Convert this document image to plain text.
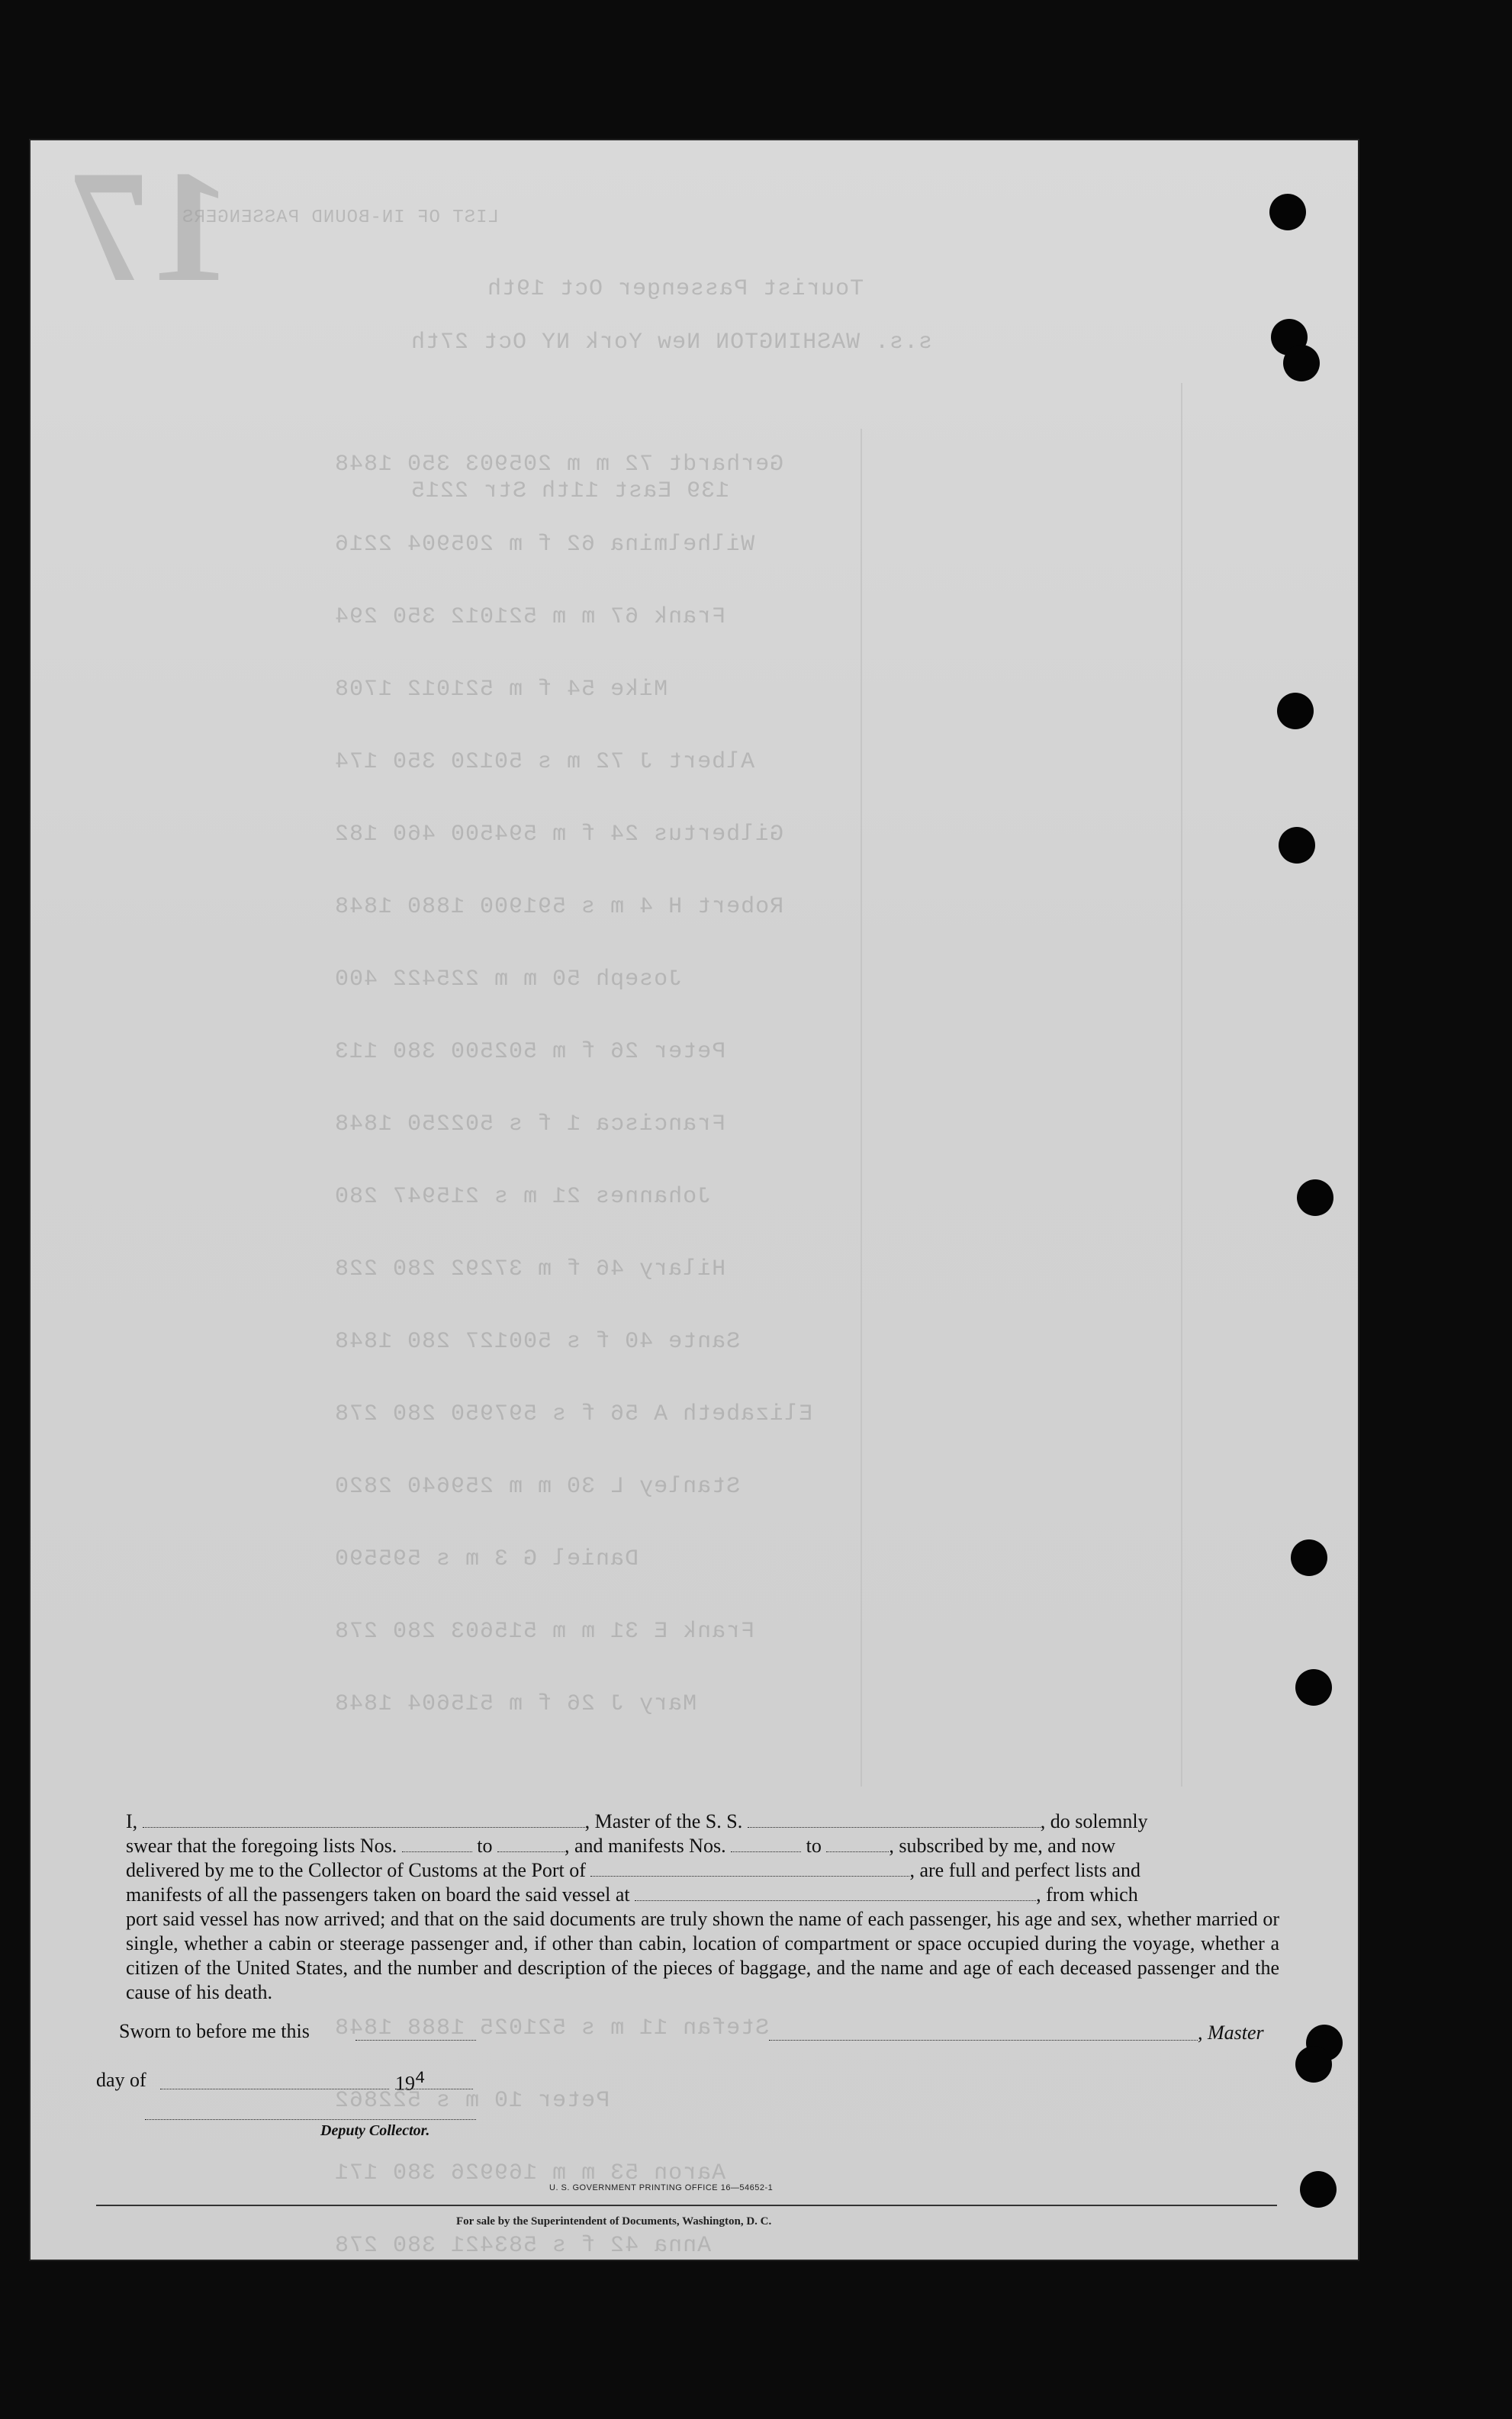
17
LIST OF IN-BOUND PASSENGERS
Tourist Passenger Oct 19th
s.s. WASHINGTON New York NY Oct 27th
Gerhardt 72 m m 205903 350 1848
139 East 11th Str 2215
Wilhelmina 62 f m 205904 2216
Frank 67 m m 521012 350 294
Mike 54 f m 521012 1708
Albert J 72 m s 50120 350 174
Gilbertus 24 f m 594500 460 182
Robert H 4 m s 591900 1880 1848
Joseph 50 m m 225422 400
Peter 26 f m 502500 380 113
Francisca 1 f s 502250 1848
Johannes 21 m s 215947 280
Hilary 46 f m 37292 280 228
Sante 40 f s 500127 280 1848
Elizabeth A 56 f s 597950 280 278
Stanley L 30 m m 259640 2820
Daniel G 3 m s 595590
Frank E 31 m m 515603 280 278
Mary J 26 f m 515604 1848
Stefan 11 m s 521025 1888 1848
Peter 10 m s 522862
Aaron 53 m m 169926 380 171
Anna 42 f s 583421 380 278

I,	, Master of the S. S.	, do solemnly

swear that the foregoing lists Nos.	to	, and manifests Nos.	to	, subscribed by me, and now

delivered by me to the Collector of Customs at the Port of	, are full and perfect lists and

manifests of all the passengers taken on board the said vessel at	, from which

port said vessel has now arrived; and that on the said documents are truly shown the name of each passenger, his age and sex, whether married or single, whether a cabin or steerage passenger and, if other than cabin, location of compartment or space occupied during the voyage, whether a citizen of the United States, and the number and description of the pieces of baggage, and the name and age of each deceased passenger and the cause of his death.

Sworn to before me this	, Master
day of	$19^4$
Deputy Collector.
U. S. GOVERNMENT PRINTING OFFICE 16—54652-1
For sale by the Superintendent of Documents, Washington, D. C.
